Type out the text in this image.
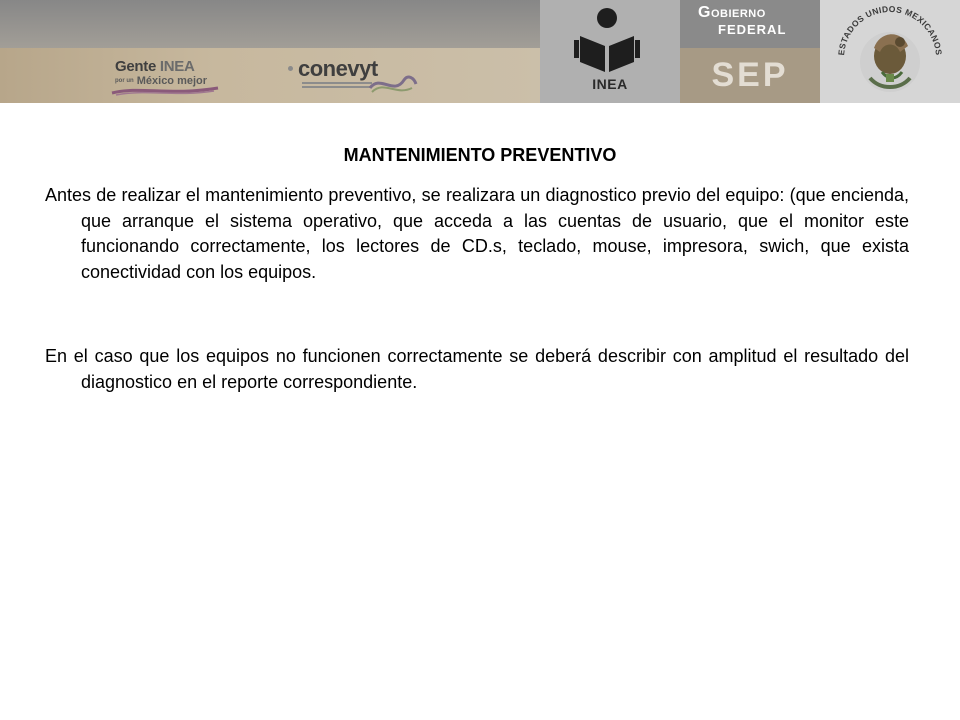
Gente INEA
por un México mejor	conevyt
INEA
Gobierno
FEDERAL
SEP
ESTADOS UNIDOS MEXICANOS
MANTENIMIENTO PREVENTIVO

Antes de realizar el mantenimiento preventivo, se realizara un diagnostico previo del equipo: (que encienda, que arranque el sistema operativo, que acceda a las cuentas de usuario, que el monitor este funcionando correctamente, los lectores de CD.s, teclado, mouse, impresora, swich, que exista conectividad con los equipos.

En el caso que los equipos no funcionen correctamente se deberá describir con amplitud el resultado del diagnostico en el reporte correspondiente.
